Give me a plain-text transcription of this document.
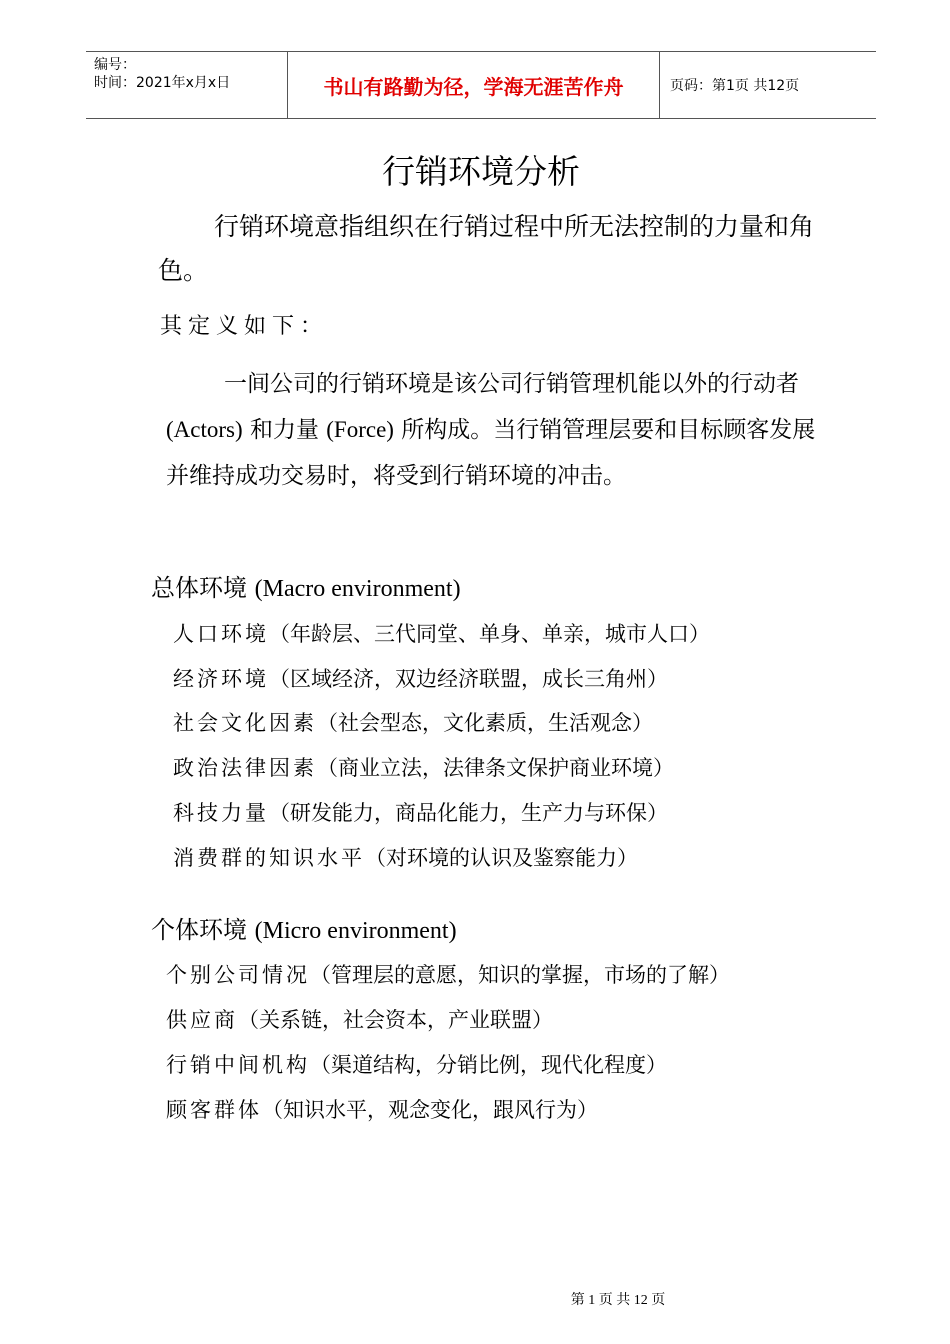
编号：
时间：2021年x月x日	书山有路勤为径，学海无涯苦作舟	页码：第1页 共12页
行销环境分析
行销环境意指组织在行销过程中所无法控制的力量和角色。
其定义如下：
一间公司的行销环境是该公司行销管理机能以外的行动者 (Actors) 和力量 (Force) 所构成。当行销管理层要和目标顾客发展并维持成功交易时，将受到行销环境的冲击。
总体环境 (Macro environment)
人口环境（年龄层、三代同堂、单身、单亲，城市人口）
经济环境（区域经济，双边经济联盟，成长三角州）
社会文化因素（社会型态，文化素质，生活观念）
政治法律因素（商业立法，法律条文保护商业环境）
科技力量（研发能力，商品化能力，生产力与环保）
消费群的知识水平（对环境的认识及鉴察能力）
个体环境 (Micro environment)
个别公司情况（管理层的意愿，知识的掌握，市场的了解）
供应商（关系链，社会资本，产业联盟）
行销中间机构（渠道结构，分销比例，现代化程度）
顾客群体（知识水平，观念变化，跟风行为）
第 1 页 共 12 页
